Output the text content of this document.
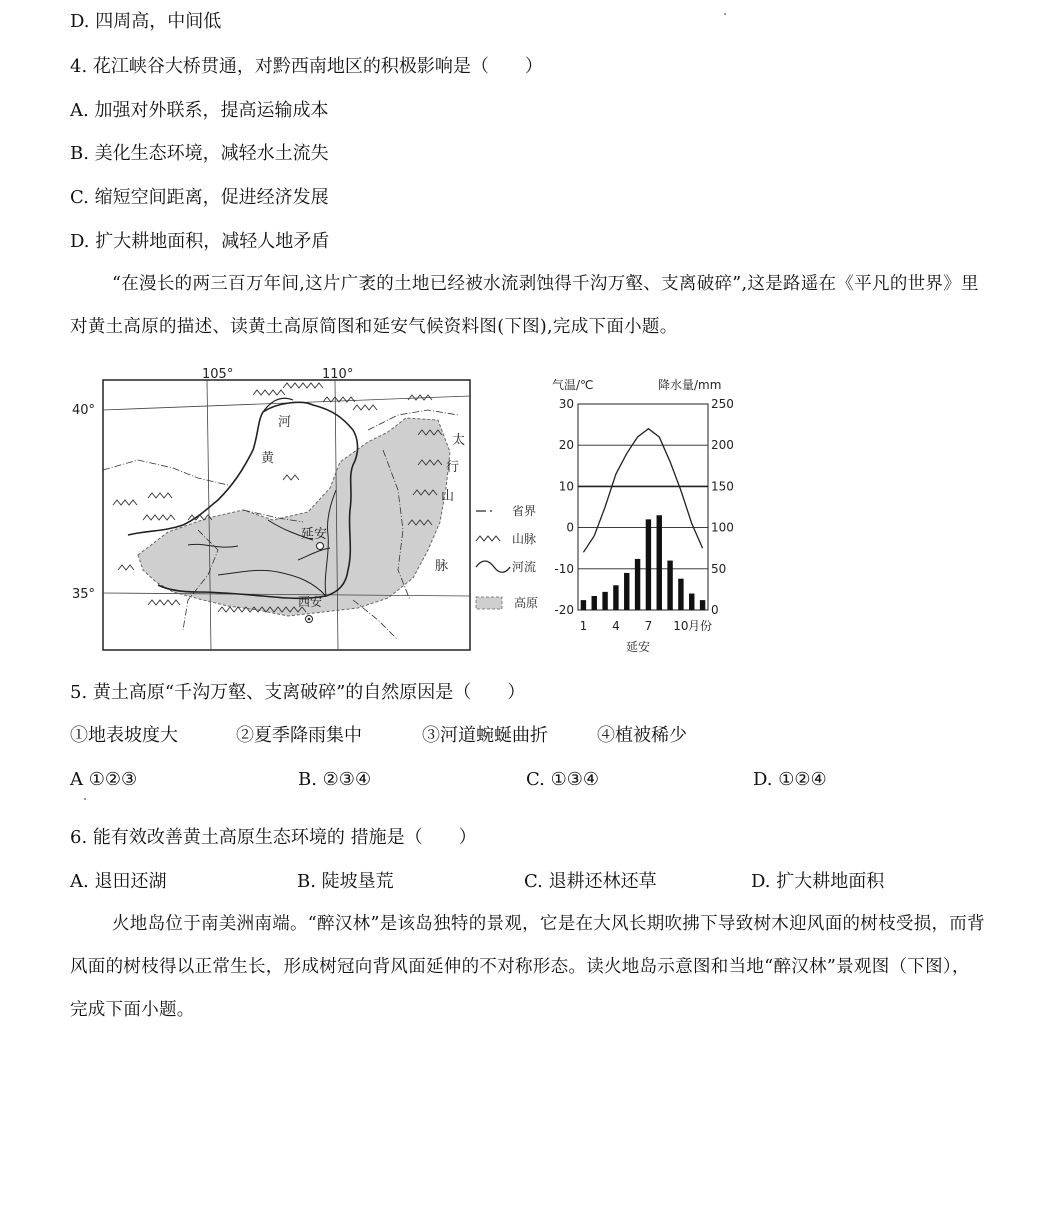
D. 四周高，中间低
4. 花江峡谷大桥贯通，对黔西南地区的积极影响是（　　）
A. 加强对外联系，提高运输成本
B. 美化生态环境，减轻水土流失
C. 缩短空间距离，促进经济发展
D. 扩大耕地面积，减轻人地矛盾
“在漫长的两三百万年间,这片广袤的土地已经被水流剥蚀得千沟万壑、支离破碎”,这是路遥在《平凡的世界》里对黄土高原的描述、读黄土高原简图和延安气候资料图(下图),完成下面小题。
105°	110°
40°
35°
河
黄
延安
西安
太
行
山
脉
省界
山脉
河流
高原
气温/℃	降水量/mm
30
20
10
0
-10
-20
250
200
150
100
50
0
1 4 7 10 月份
延安
5. 黄土高原“千沟万壑、支离破碎”的自然原因是（　　）
①地表坡度大	②夏季降雨集中	③河道蜿蜒曲折	④植被稀少
A ①②③	B. ②③④	C. ①③④	D. ①②④
6. 能有效改善黄土高原生态环境的 措施是（　　）
A. 退田还湖	B. 陡坡垦荒	C. 退耕还林还草	D. 扩大耕地面积
火地岛位于南美洲南端。“醉汉林”是该岛独特的景观，它是在大风长期吹拂下导致树木迎风面的树枝受损，而背风面的树枝得以正常生长，形成树冠向背风面延伸的不对称形态。读火地岛示意图和当地“醉汉林”景观图（下图），完成下面小题。
